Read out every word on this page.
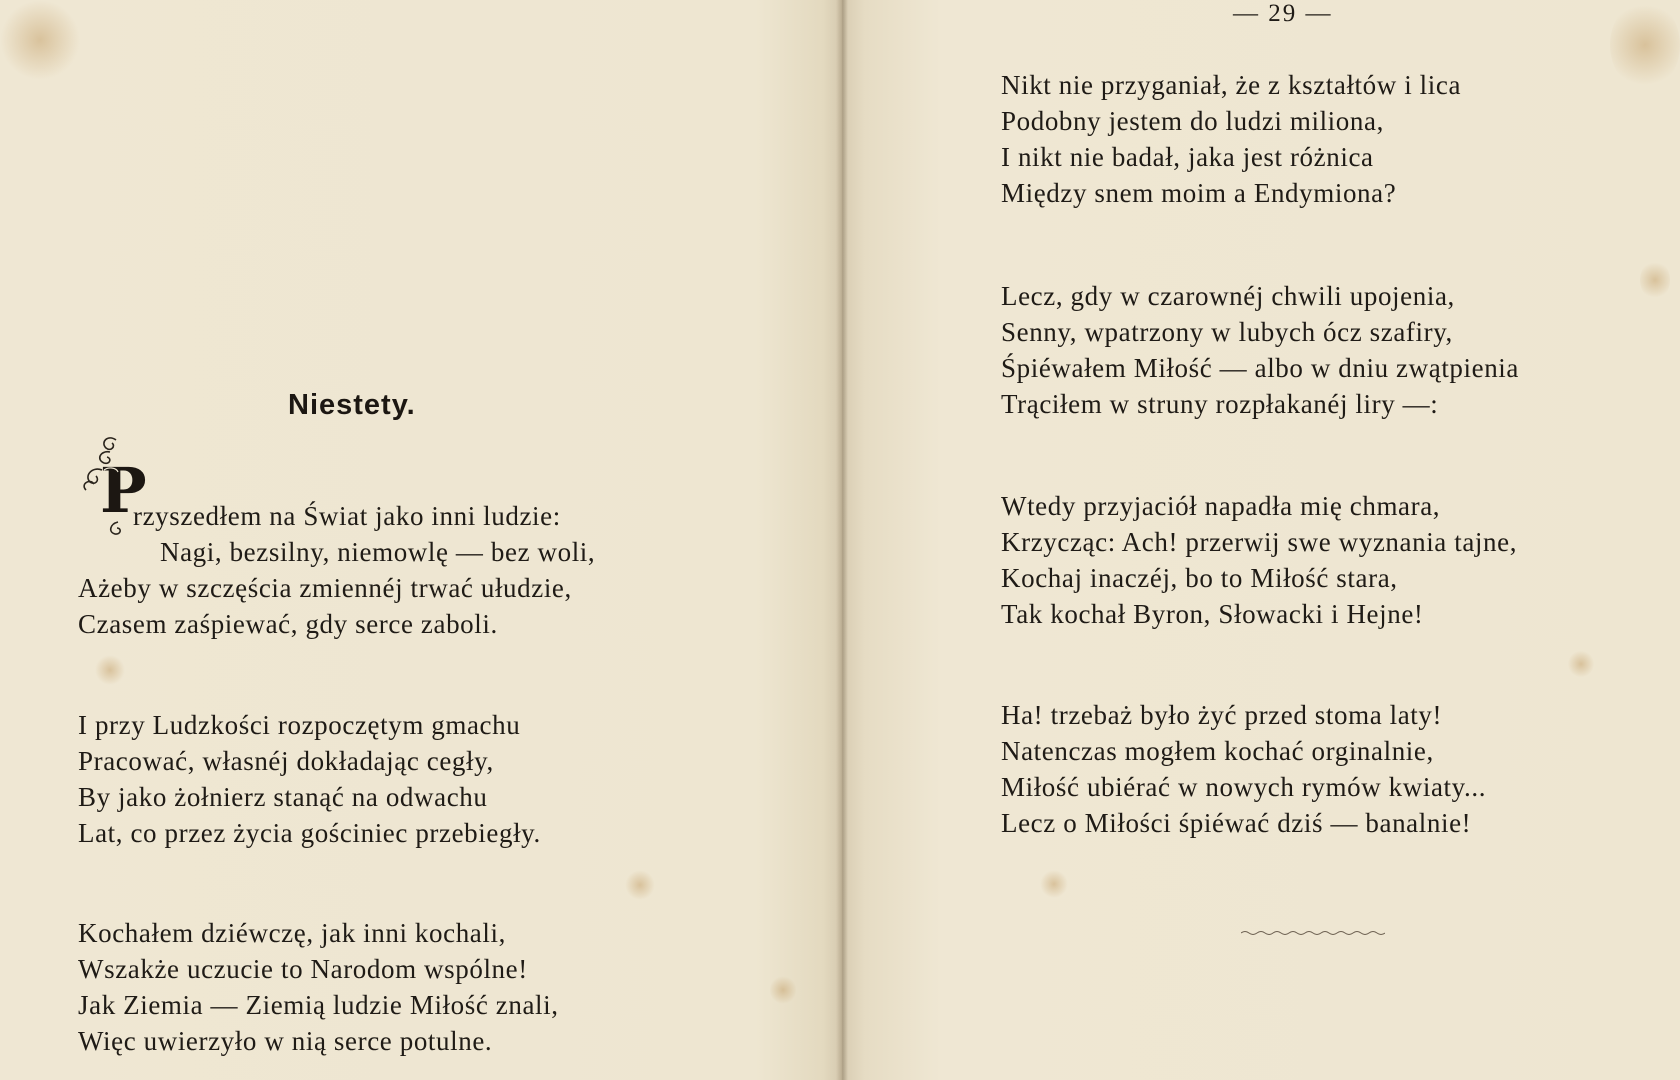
Niestety.
P
rzyszedłem na Świat jako inni ludzie:
Nagi, bezsilny, niemowlę — bez woli,
Ażeby w szczęścia zmiennéj trwać ułudzie,
Czasem zaśpiewać, gdy serce zaboli.
I przy Ludzkości rozpoczętym gmachu
Pracować, własnéj dokładając cegły,
By jako żołnierz stanąć na odwachu
Lat, co przez życia gościniec przebiegły.
Kochałem dziéwczę, jak inni kochali,
Wszakże uczucie to Narodom wspólne!
Jak Ziemia — Ziemią ludzie Miłość znali,
Więc uwierzyło w nią serce potulne.
— 29 —
Nikt nie przyganiał, że z kształtów i lica
Podobny jestem do ludzi miliona,
I nikt nie badał, jaka jest różnica
Między snem moim a Endymiona?
Lecz, gdy w czarownéj chwili upojenia,
Senny, wpatrzony w lubych ócz szafiry,
Śpiéwałem Miłość — albo w dniu zwątpienia
Trąciłem w struny rozpłakanéj liry —:
Wtedy przyjaciół napadła mię chmara,
Krzycząc: Ach! przerwij swe wyznania tajne,
Kochaj inaczéj, bo to Miłość stara,
Tak kochał Byron, Słowacki i Hejne!
Ha! trzebaż było żyć przed stoma laty!
Natenczas mogłem kochać orginalnie,
Miłość ubiérać w nowych rymów kwiaty...
Lecz o Miłości śpiéwać dziś — banalnie!
